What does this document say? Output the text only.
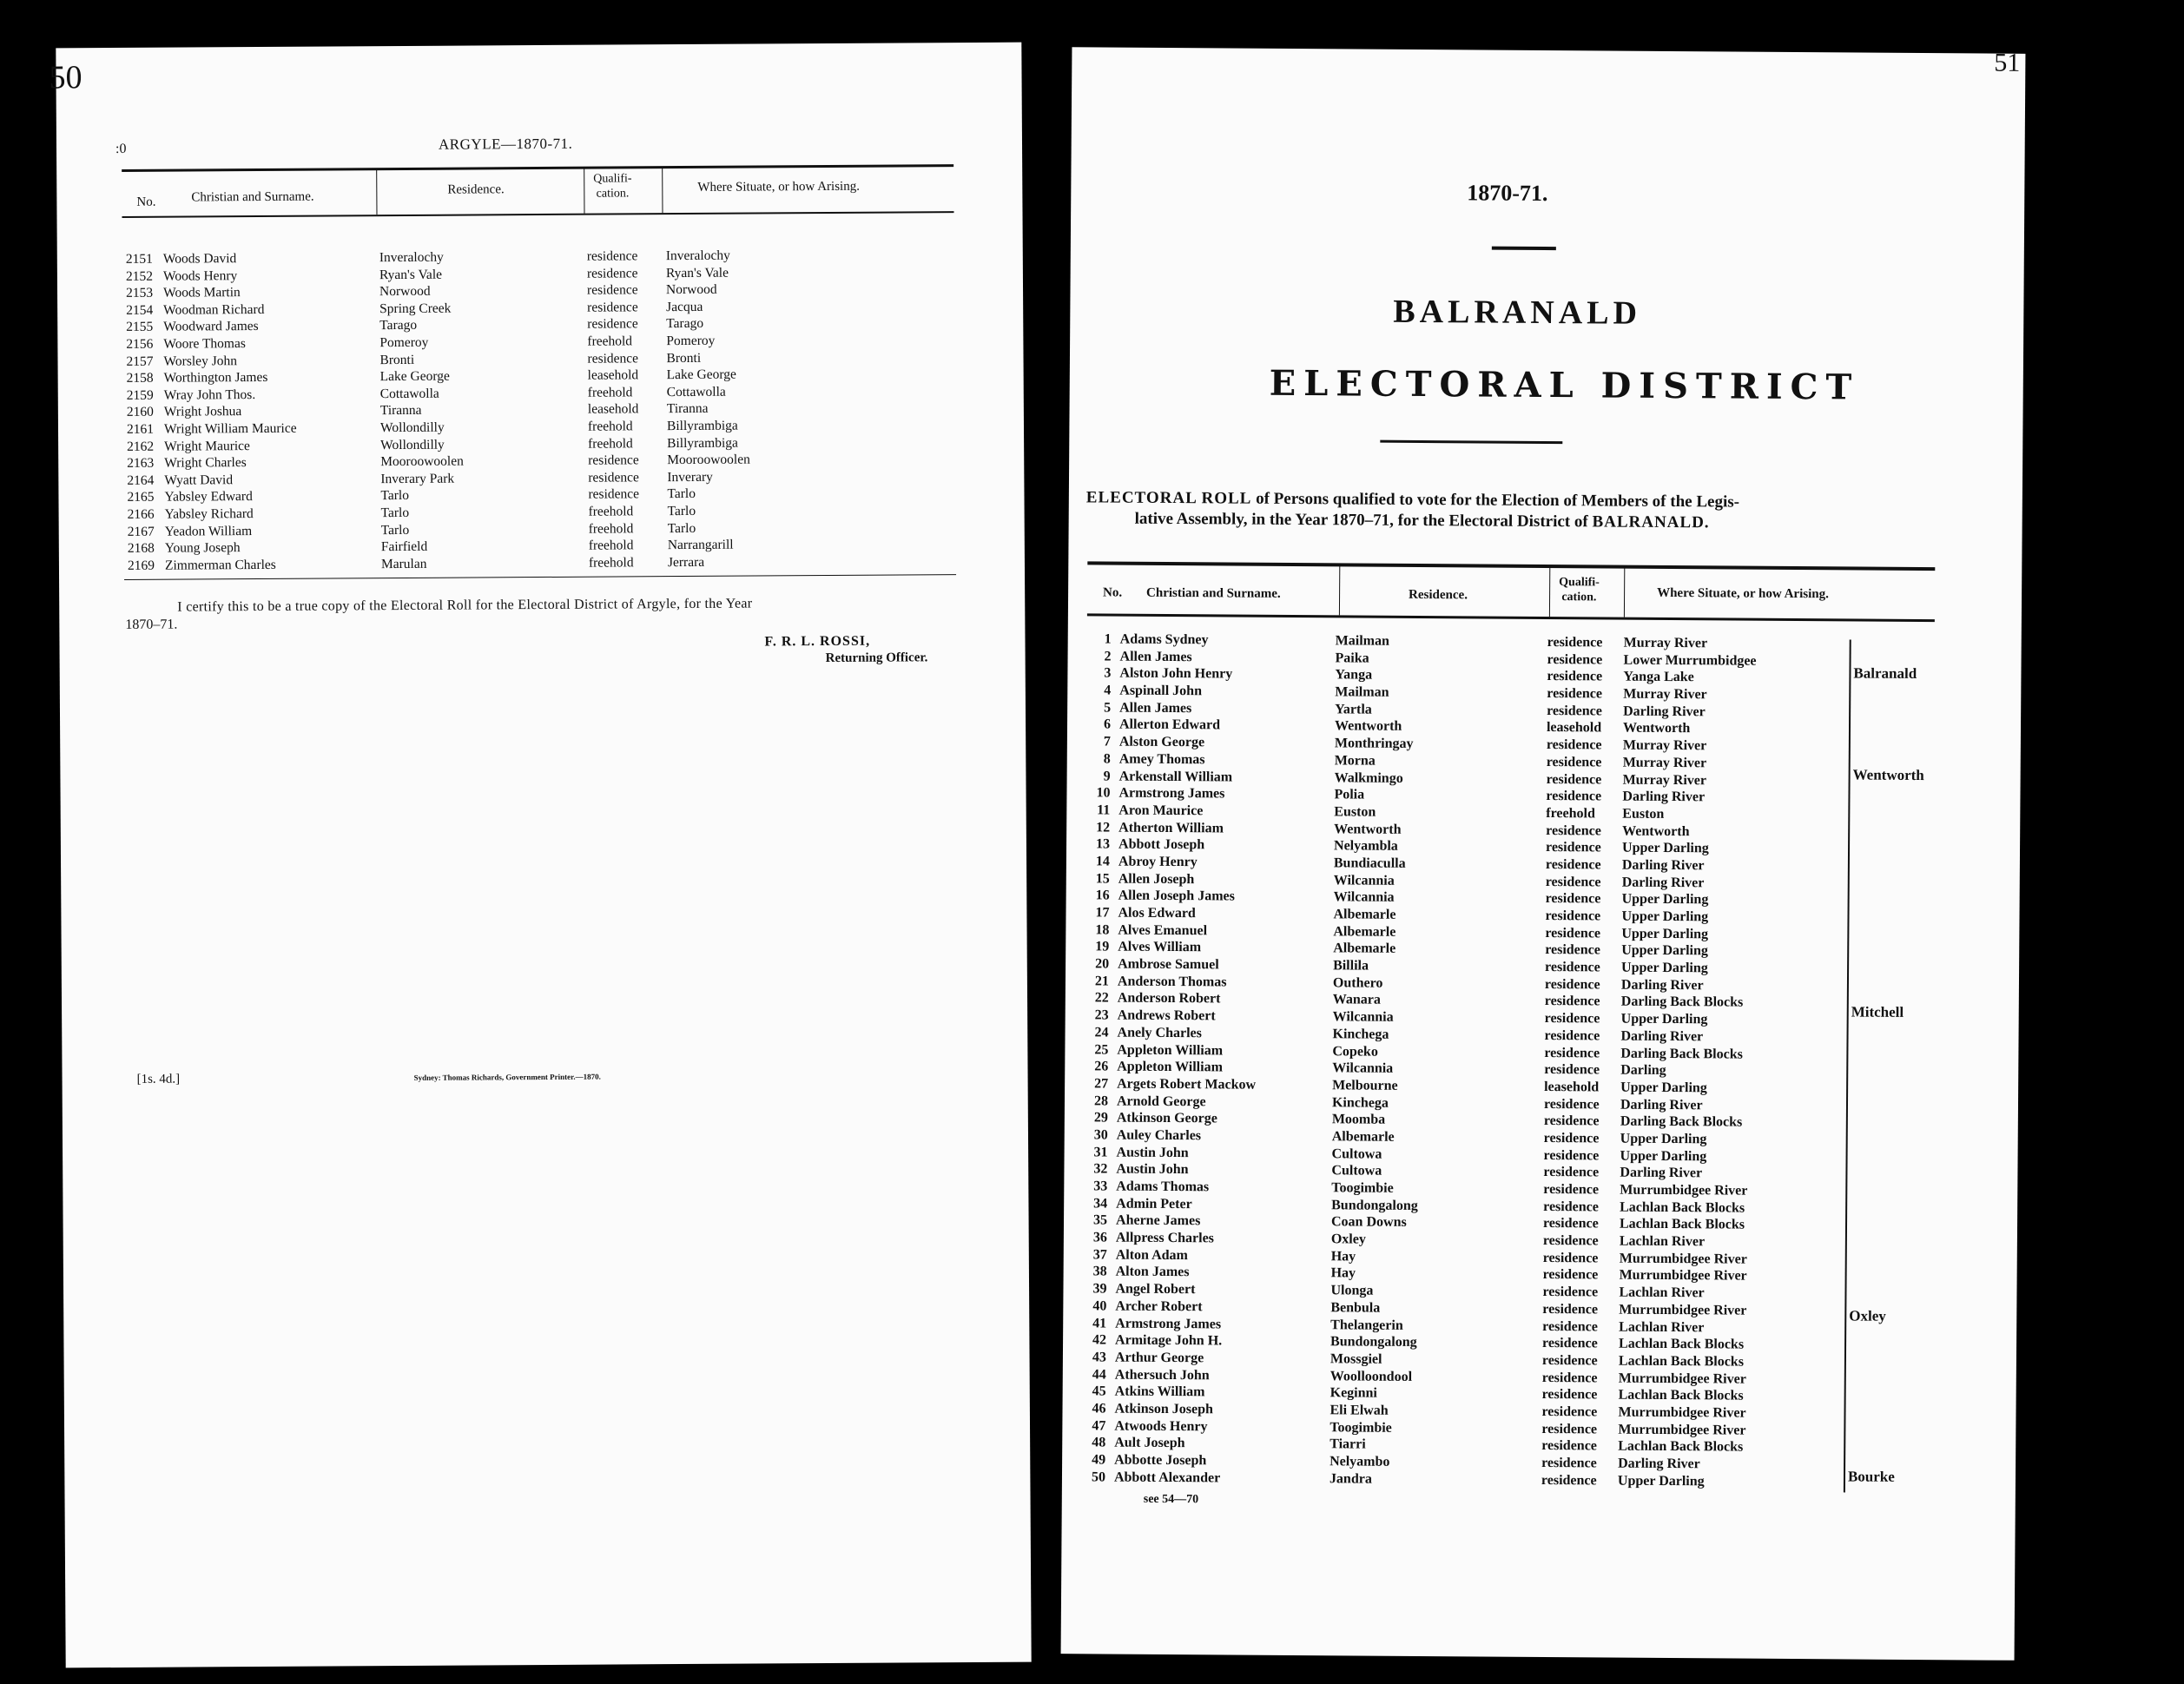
50
:0	ARGYLE—1870-71.
No.	Christian and Surname.
Residence.
Qualifi-
cation.	Where Situate, or how Arising.
2151 Woods David	Inveralochy	residence Inveralochy
2152 Woods Henry	Ryan's Vale	residence Ryan's Vale
2153 Woods Martin	Norwood	residence Norwood
2154 Woodman Richard	Spring Creek	residence Jacqua
2155 Woodward James	Tarago	residence Tarago
2156 Woore Thomas	Pomeroy	freehold	Pomeroy
2157 Worsley John	Bronti	residence Bronti
2158 Worthington James	Lake George	leasehold Lake George
2159 Wray John Thos.	Cottawolla	freehold	Cottawolla
2160 Wright Joshua	Tiranna	leasehold Tiranna
2161 Wright William Maurice	Wollondilly	freehold	Billyrambiga
2162 Wright Maurice	Wollondilly	freehold	Billyrambiga
2163 Wright Charles	Mooroowoolen	residence Mooroowoolen
2164 Wyatt David	Inverary Park	residence Inverary
2165 Yabsley Edward	Tarlo	residence Tarlo
2166 Yabsley Richard	Tarlo	freehold	Tarlo
2167 Yeadon William	Tarlo	freehold	Tarlo
2168 Young Joseph	Fairfield	freehold	Narrangarill
2169 Zimmerman Charles	Marulan	freehold	Jerrara
I certify this to be a true copy of the Electoral Roll for the Electoral District of Argyle, for the Year
1870–71.
F. R. L. ROSSI,
Returning Officer.
[1s. 4d.]	Sydney: Thomas Richards, Government Printer.—1870.
51
1870-71.
BALRANALD
ELECTORAL DISTRICT
ELECTORAL ROLL of Persons qualified to vote for the Election of Members of the Legis-
lative Assembly, in the Year 1870–71, for the Electoral District of BALRANALD.
No. Christian and Surname.	Residence.
Qualifi-
cation.	Where Situate, or how Arising.
1 Adams Sydney	Mailman	residence Murray River
2 Allen James	Paika	residence Lower Murrumbidgee
3 Alston John Henry	Yanga	residence Yanga Lake
4 Aspinall John	Mailman	residence Murray River
5 Allen James	Yartla	residence Darling River
6 Allerton Edward	Wentworth	leasehold Wentworth
7 Alston George	Monthringay	residence Murray River
8 Amey Thomas	Morna	residence Murray River
9 Arkenstall William	Walkmingo	residence Murray River
10 Armstrong James	Polia	residence Darling River
11 Aron Maurice	Euston	freehold Euston
12 Atherton William	Wentworth	residence Wentworth
13 Abbott Joseph	Nelyambla	residence Upper Darling
14 Abroy Henry	Bundiaculla	residence Darling River
15 Allen Joseph	Wilcannia	residence Darling River
16 Allen Joseph James	Wilcannia	residence Upper Darling
17 Alos Edward	Albemarle	residence Upper Darling
18 Alves Emanuel	Albemarle	residence Upper Darling
19 Alves William	Albemarle	residence Upper Darling
20 Ambrose Samuel	Billila	residence Upper Darling
21 Anderson Thomas	Outhero	residence Darling River
22 Anderson Robert	Wanara	residence Darling Back Blocks
23 Andrews Robert	Wilcannia	residence Upper Darling
24 Anely Charles	Kinchega	residence Darling River
25 Appleton William	Copeko	residence Darling Back Blocks
26 Appleton William	Wilcannia	residence Darling
27 Argets Robert Mackow	Melbourne	leasehold Upper Darling
28 Arnold George	Kinchega	residence Darling River
29 Atkinson George	Moomba	residence Darling Back Blocks
30 Auley Charles	Albemarle	residence Upper Darling
31 Austin John	Cultowa	residence Upper Darling
32 Austin John	Cultowa	residence Darling River
33 Adams Thomas	Toogimbie	residence Murrumbidgee River
34 Admin Peter	Bundongalong	residence Lachlan Back Blocks
35 Aherne James	Coan Downs	residence Lachlan Back Blocks
36 Allpress Charles	Oxley	residence Lachlan River
37 Alton Adam	Hay	residence Murrumbidgee River
38 Alton James	Hay	residence Murrumbidgee River
39 Angel Robert	Ulonga	residence Lachlan River
40 Archer Robert	Benbula	residence Murrumbidgee River
41 Armstrong James	Thelangerin	residence Lachlan River
42 Armitage John H.	Bundongalong	residence Lachlan Back Blocks
43 Arthur George	Mossgiel	residence Lachlan Back Blocks
44 Athersuch John	Woolloondool	residence Murrumbidgee River
45 Atkins William	Keginni	residence Lachlan Back Blocks
46 Atkinson Joseph	Eli Elwah	residence Murrumbidgee River
47 Atwoods Henry	Toogimbie	residence Murrumbidgee River
48 Ault Joseph	Tiarri	residence Lachlan Back Blocks
49 Abbotte Joseph	Nelyambo	residence Darling River
50 Abbott Alexander	Jandra	residence Upper Darling
Balranald
Wentworth
Mitchell
Oxley
Bourke
see 54—70
